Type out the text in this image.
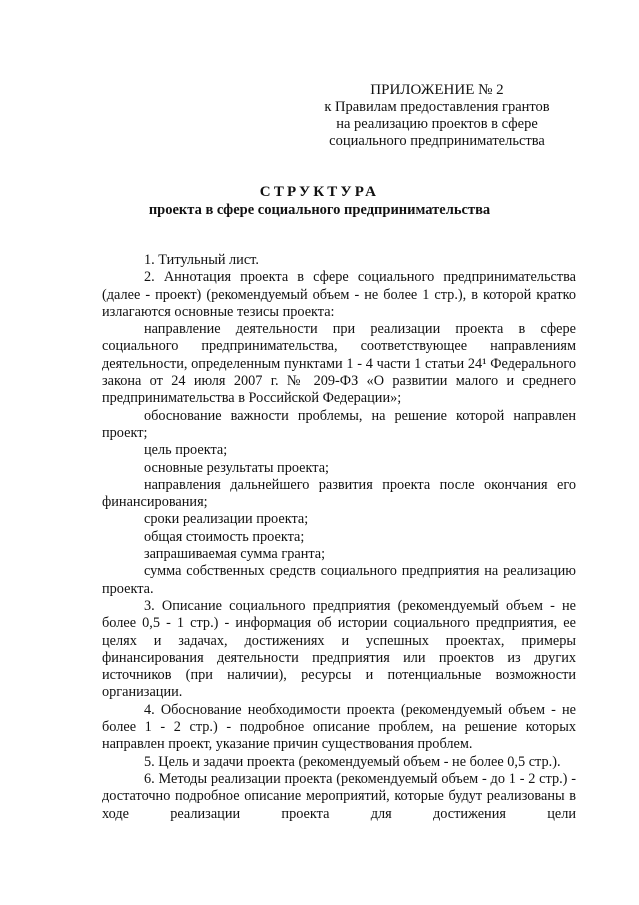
ПРИЛОЖЕНИЕ № 2
к Правилам предоставления грантов
на реализацию проектов в сфере
социального предпринимательства
СТРУКТУРА
проекта в сфере социального предпринимательства

1. Титульный лист.

2. Аннотация проекта в сфере социального предпринимательства (далее - проект) (рекомендуемый объем - не более 1 стр.), в которой кратко излагаются основные тезисы проекта:

направление деятельности при реализации проекта в сфере социального предпринимательства, соответствующее направлениям деятельности, определенным пунктами 1 - 4 части 1 статьи 24¹ Федерального закона от 24 июля 2007 г. № 209-ФЗ «О развитии малого и среднего предпринимательства в Российской Федерации»;

обоснование важности проблемы, на решение которой направлен проект;

цель проекта;

основные результаты проекта;

направления дальнейшего развития проекта после окончания его финансирования;

сроки реализации проекта;

общая стоимость проекта;

запрашиваемая сумма гранта;

сумма собственных средств социального предприятия на реализацию проекта.

3. Описание социального предприятия (рекомендуемый объем - не более 0,5 - 1 стр.) - информация об истории социального предприятия, ее целях и задачах, достижениях и успешных проектах, примеры финансирования деятельности предприятия или проектов из других источников (при наличии), ресурсы и потенциальные возможности организации.

4. Обоснование необходимости проекта (рекомендуемый объем - не более 1 - 2 стр.) - подробное описание проблем, на решение которых направлен проект, указание причин существования проблем.

5. Цель и задачи проекта (рекомендуемый объем - не более 0,5 стр.).

6. Методы реализации проекта (рекомендуемый объем - до 1 - 2 стр.) - достаточно подробное описание мероприятий, которые будут реализованы в ходе реализации проекта для достижения цели
